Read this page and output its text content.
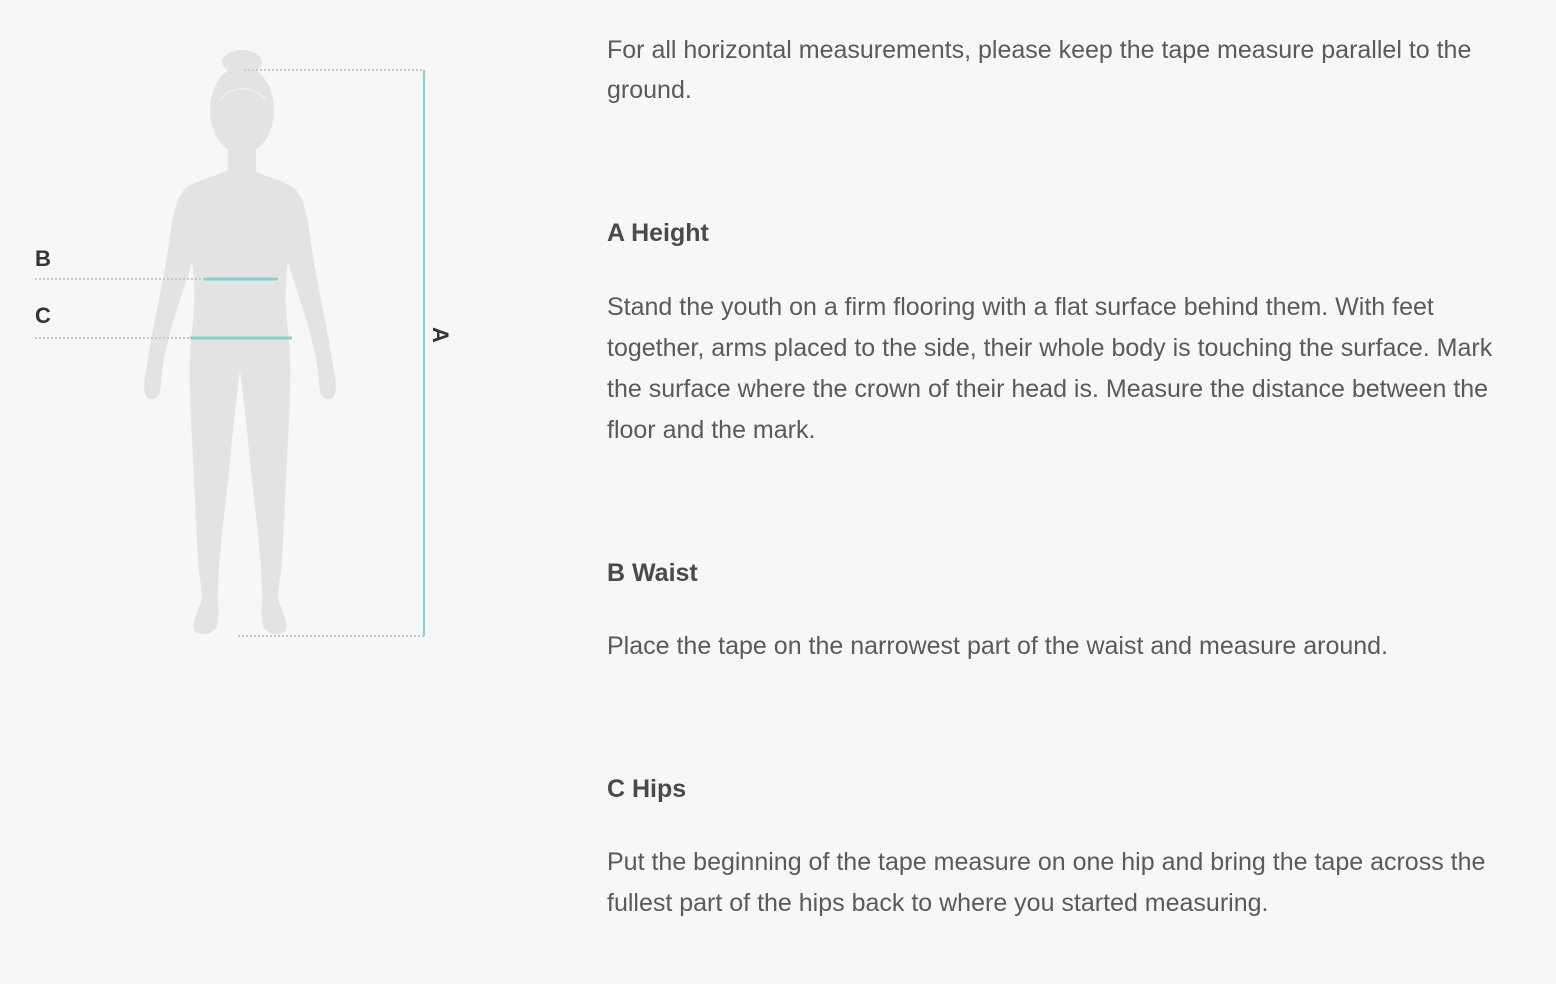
B
C
A

For all horizontal measurements, please keep the tape measure parallel to the ground.

A Height

Stand the youth on a firm flooring with a flat surface behind them. With feet together, arms placed to the side, their whole body is touching the surface. Mark the surface where the crown of their head is. Measure the distance between the floor and the mark.

B Waist

Place the tape on the narrowest part of the waist and measure around.

C Hips

Put the beginning of the tape measure on one hip and bring the tape across the fullest part of the hips back to where you started measuring.
